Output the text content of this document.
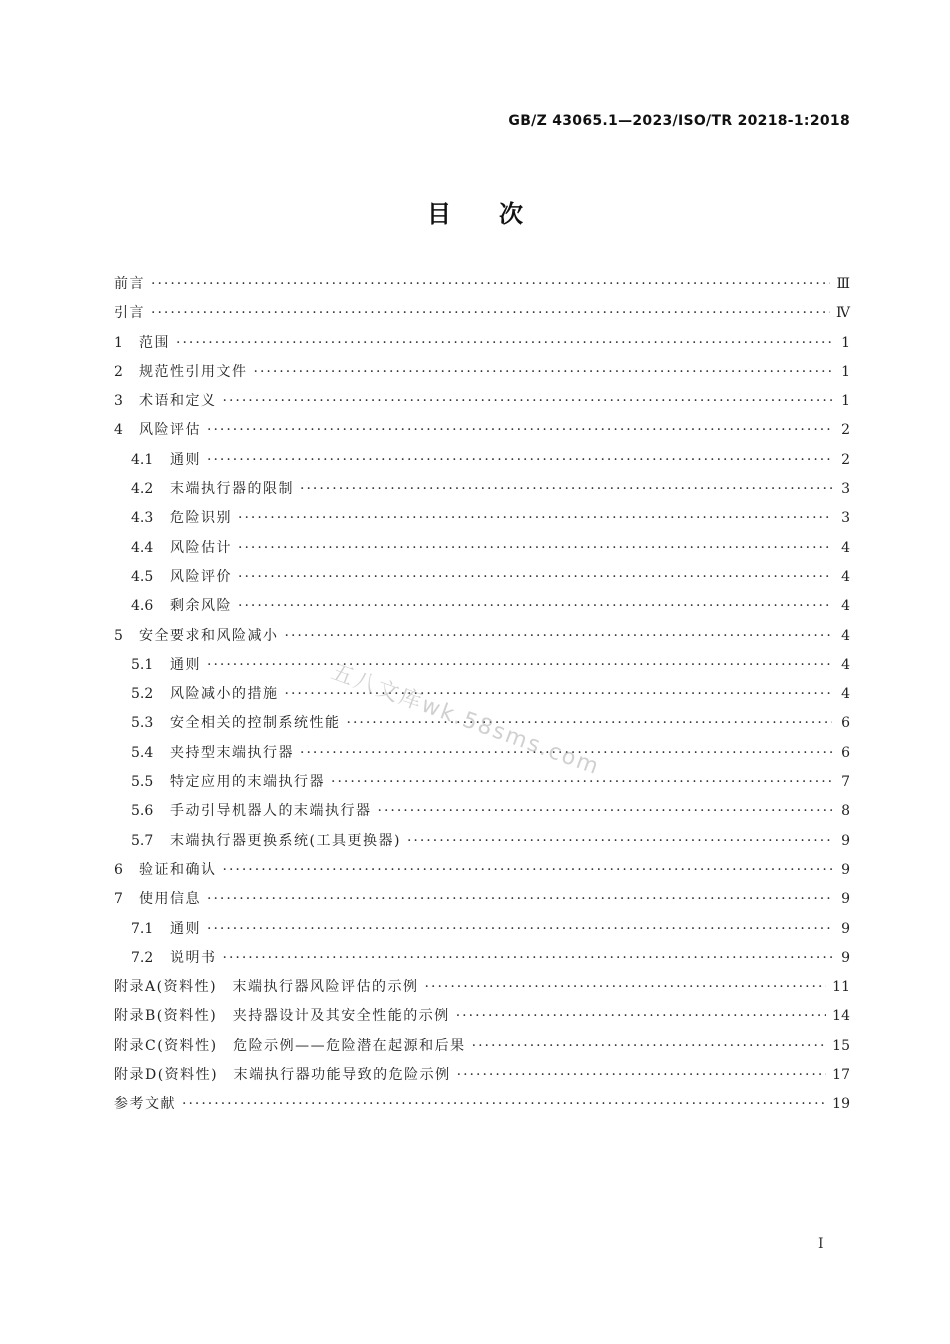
GB/Z 43065.1—2023/ISO/TR 20218-1:2018
目次
前言 ·····	Ⅲ
引言 ·····	Ⅳ
1	范围 ·····	1
2	规范性引用文件 ·····	1
3	术语和定义 ·····	1
4	风险评估 ·····	2
4.1	通则 ·····	2
4.2	末端执行器的限制 ·····	3
4.3	危险识别 ·····	3
4.4	风险估计 ·····	4
4.5	风险评价 ·····	4
4.6	剩余风险 ·····	4
5	安全要求和风险减小 ·····	4
5.1	通则 ·····	4
5.2	风险减小的措施 ·····	4
5.3	安全相关的控制系统性能 ·····	6
5.4	夹持型末端执行器 ·····	6
5.5	特定应用的末端执行器 ·····	7
5.6	手动引导机器人的末端执行器 ·····	8
5.7	末端执行器更换系统(工具更换器) ·····	9
6	验证和确认 ·····	9
7	使用信息 ·····	9
7.1	通则 ·····	9
7.2	说明书 ·····	9
附录A(资料性)　末端执行器风险评估的示例 ·····	11
附录B(资料性)　夹持器设计及其安全性能的示例 ·····	14
附录C(资料性)　危险示例——危险潜在起源和后果 ·····	15
附录D(资料性)　末端执行器功能导致的危险示例 ·····	17
参考文献 ·····	19
五八文库wk.58sms.com
I
